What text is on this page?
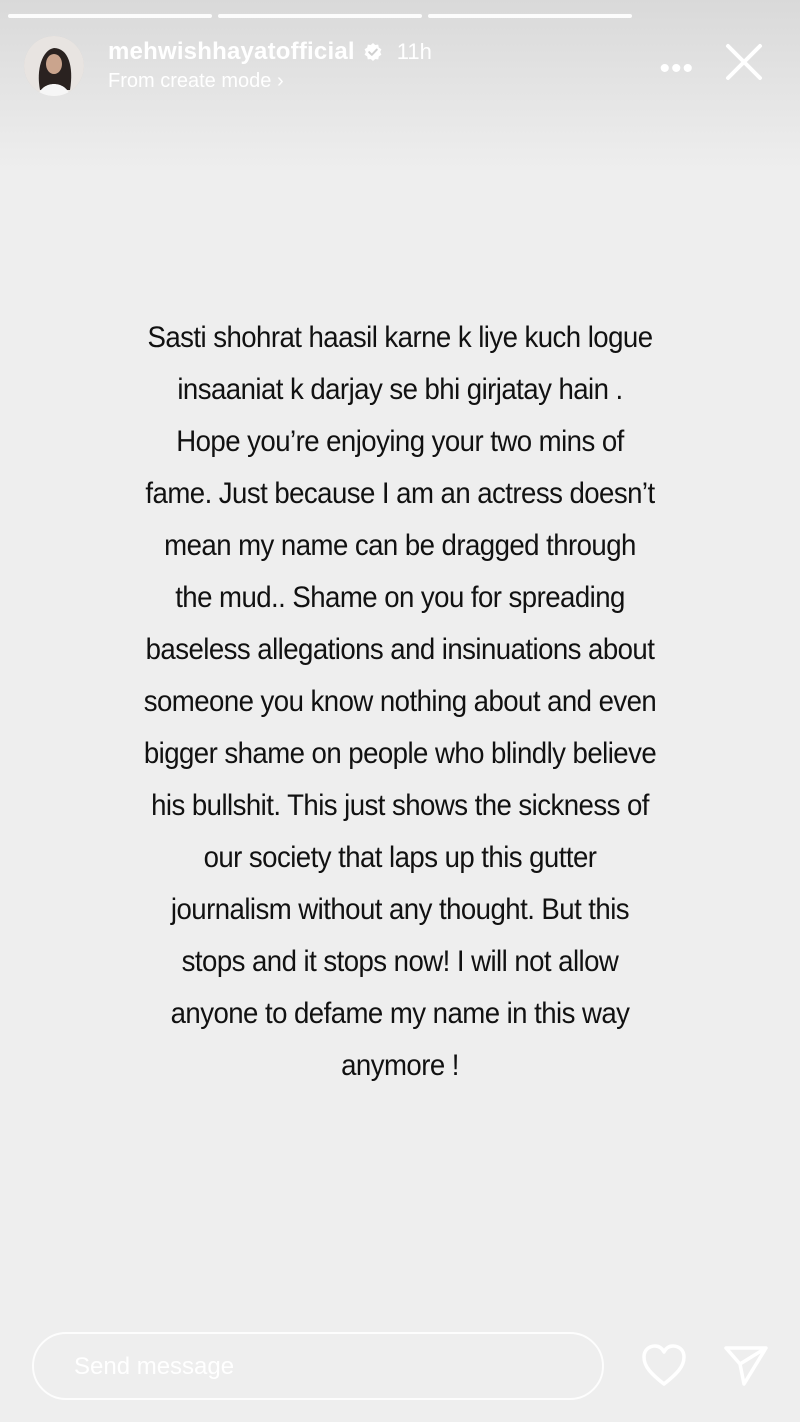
mehwishhayatofficial 11h
From create mode ›	•••
Sasti shohrat haasil karne k liye kuch logue insaaniat k darjay se bhi girjatay hain . Hope you’re enjoying your two mins of fame. Just because I am an actress doesn’t mean my name can be dragged through the mud.. Shame on you for spreading baseless allegations and insinuations about someone you know nothing about and even bigger shame on people who blindly believe his bullshit. This just shows the sickness of our society that laps up this gutter journalism without any thought. But this stops and it stops now! I will not allow anyone to defame my name in this way anymore !
Send message
